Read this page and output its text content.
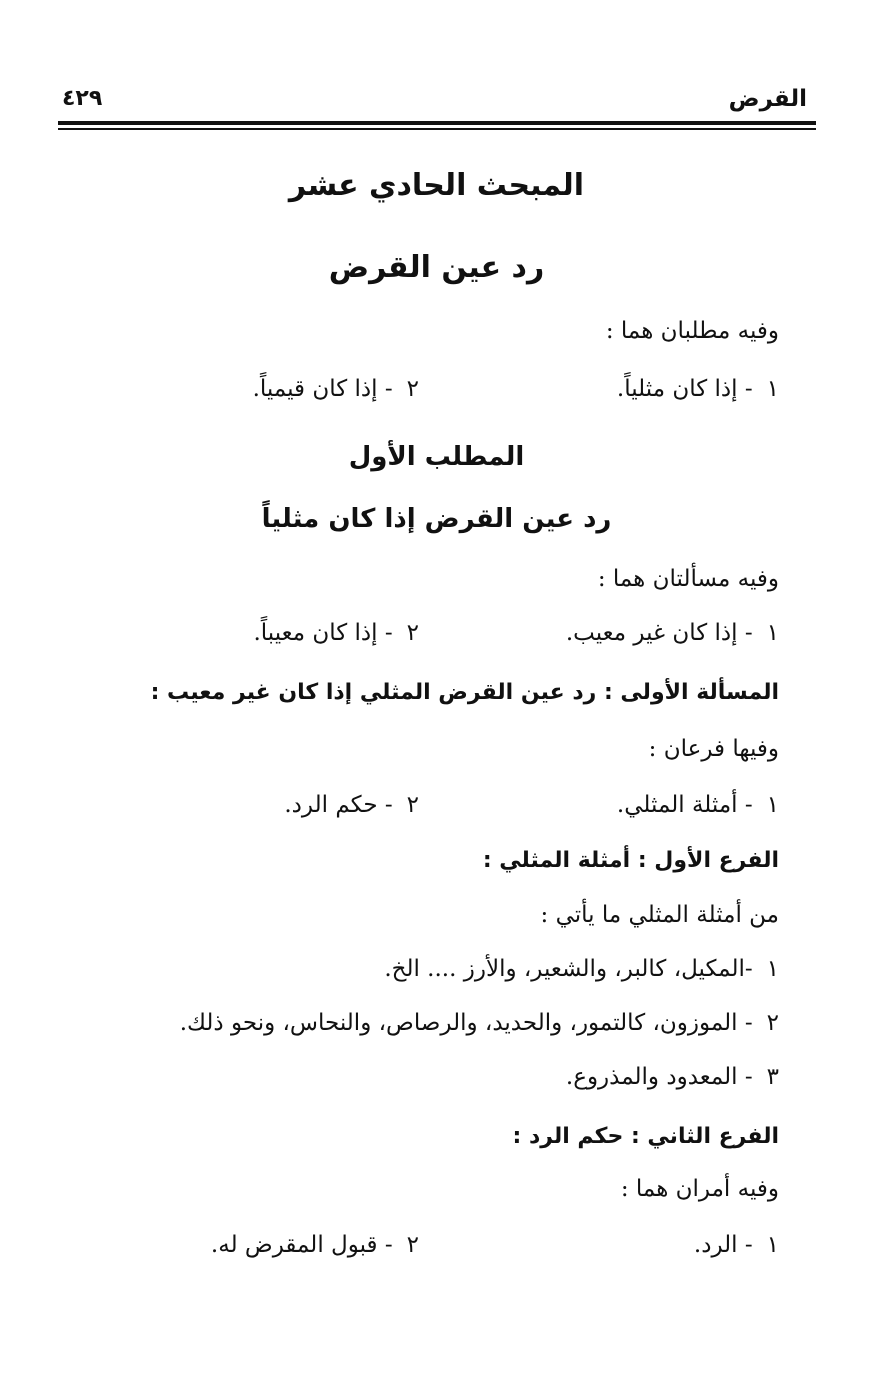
القرض
٤٢٩
المبحث الحادي عشر
رد عين القرض
وفيه مطلبان هما :
١- إذا كان مثلياً.
٢- إذا كان قيمياً.
المطلب الأول
رد عين القرض إذا كان مثلياً
وفيه مسألتان هما :
١- إذا كان غير معيب.
٢- إذا كان معيباً.
المسألة الأولى : رد عين القرض المثلي إذا كان غير معيب :
وفيها فرعان :
١- أمثلة المثلي.
٢- حكم الرد.
الفرع الأول : أمثلة المثلي :
من أمثلة المثلي ما يأتي :
١-المكيل، كالبر، والشعير، والأرز .... الخ.
٢- الموزون، كالتمور، والحديد، والرصاص، والنحاس، ونحو ذلك.
٣- المعدود والمذروع.
الفرع الثاني : حكم الرد :
وفيه أمران هما :
١- الرد.
٢- قبول المقرض له.
